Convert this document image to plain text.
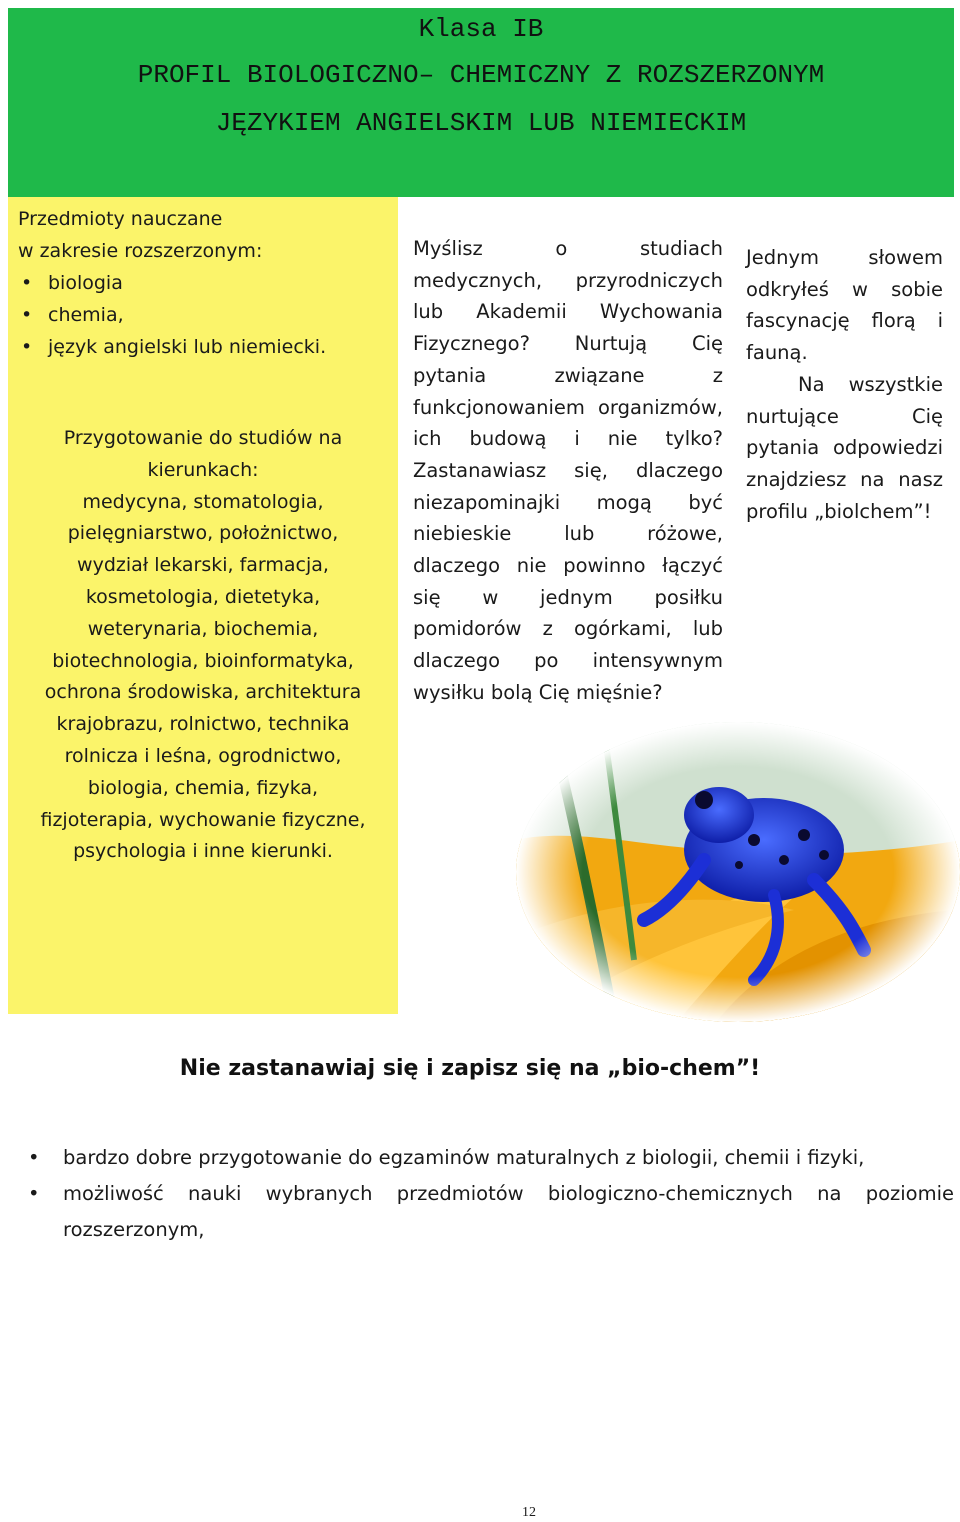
Klasa IB
PROFIL BIOLOGICZNO– CHEMICZNY Z ROZSZERZONYM
JĘZYKIEM ANGIELSKIM LUB NIEMIECKIM
Przedmioty nauczane
w zakresie rozszerzonym:
• biologia
• chemia,
• język angielski lub niemiecki.
Przygotowanie do studiów na
kierunkach:
medycyna, stomatologia,
pielęgniarstwo, położnictwo,
wydział lekarski, farmacja,
kosmetologia, dietetyka,
weterynaria, biochemia,
biotechnologia, bioinformatyka,
ochrona środowiska, architektura
krajobrazu, rolnictwo, technika
rolnicza i leśna, ogrodnictwo,
biologia, chemia, fizyka,
fizjoterapia, wychowanie fizyczne,
psychologia i inne kierunki.
Myślisz o studiach medycznych, przyrodniczych lub Akademii Wychowania Fizycznego? Nurtują Cię pytania związane z funkcjonowaniem organizmów, ich budową i nie tylko? Zastanawiasz się, dlaczego niezapominajki mogą być niebieskie lub różowe, dlaczego nie powinno łączyć się w jednym posiłku pomidorów z ogórkami, lub dlaczego po intensywnym wysiłku bolą Cię mięśnie?

Jednym słowem odkryłeś w sobie fascynację florą i fauną.

Na wszystkie nurtujące Cię pytania odpowiedzi znajdziesz na nasz profilu „biolchem”!

Nie zastanawiaj się i zapisz się na „bio-chem”!
• bardzo dobre przygotowanie do egzaminów maturalnych z biologii, chemii i fizyki,
• możliwość nauki wybranych przedmiotów biologiczno-chemicznych na poziomie rozszerzonym,
12
